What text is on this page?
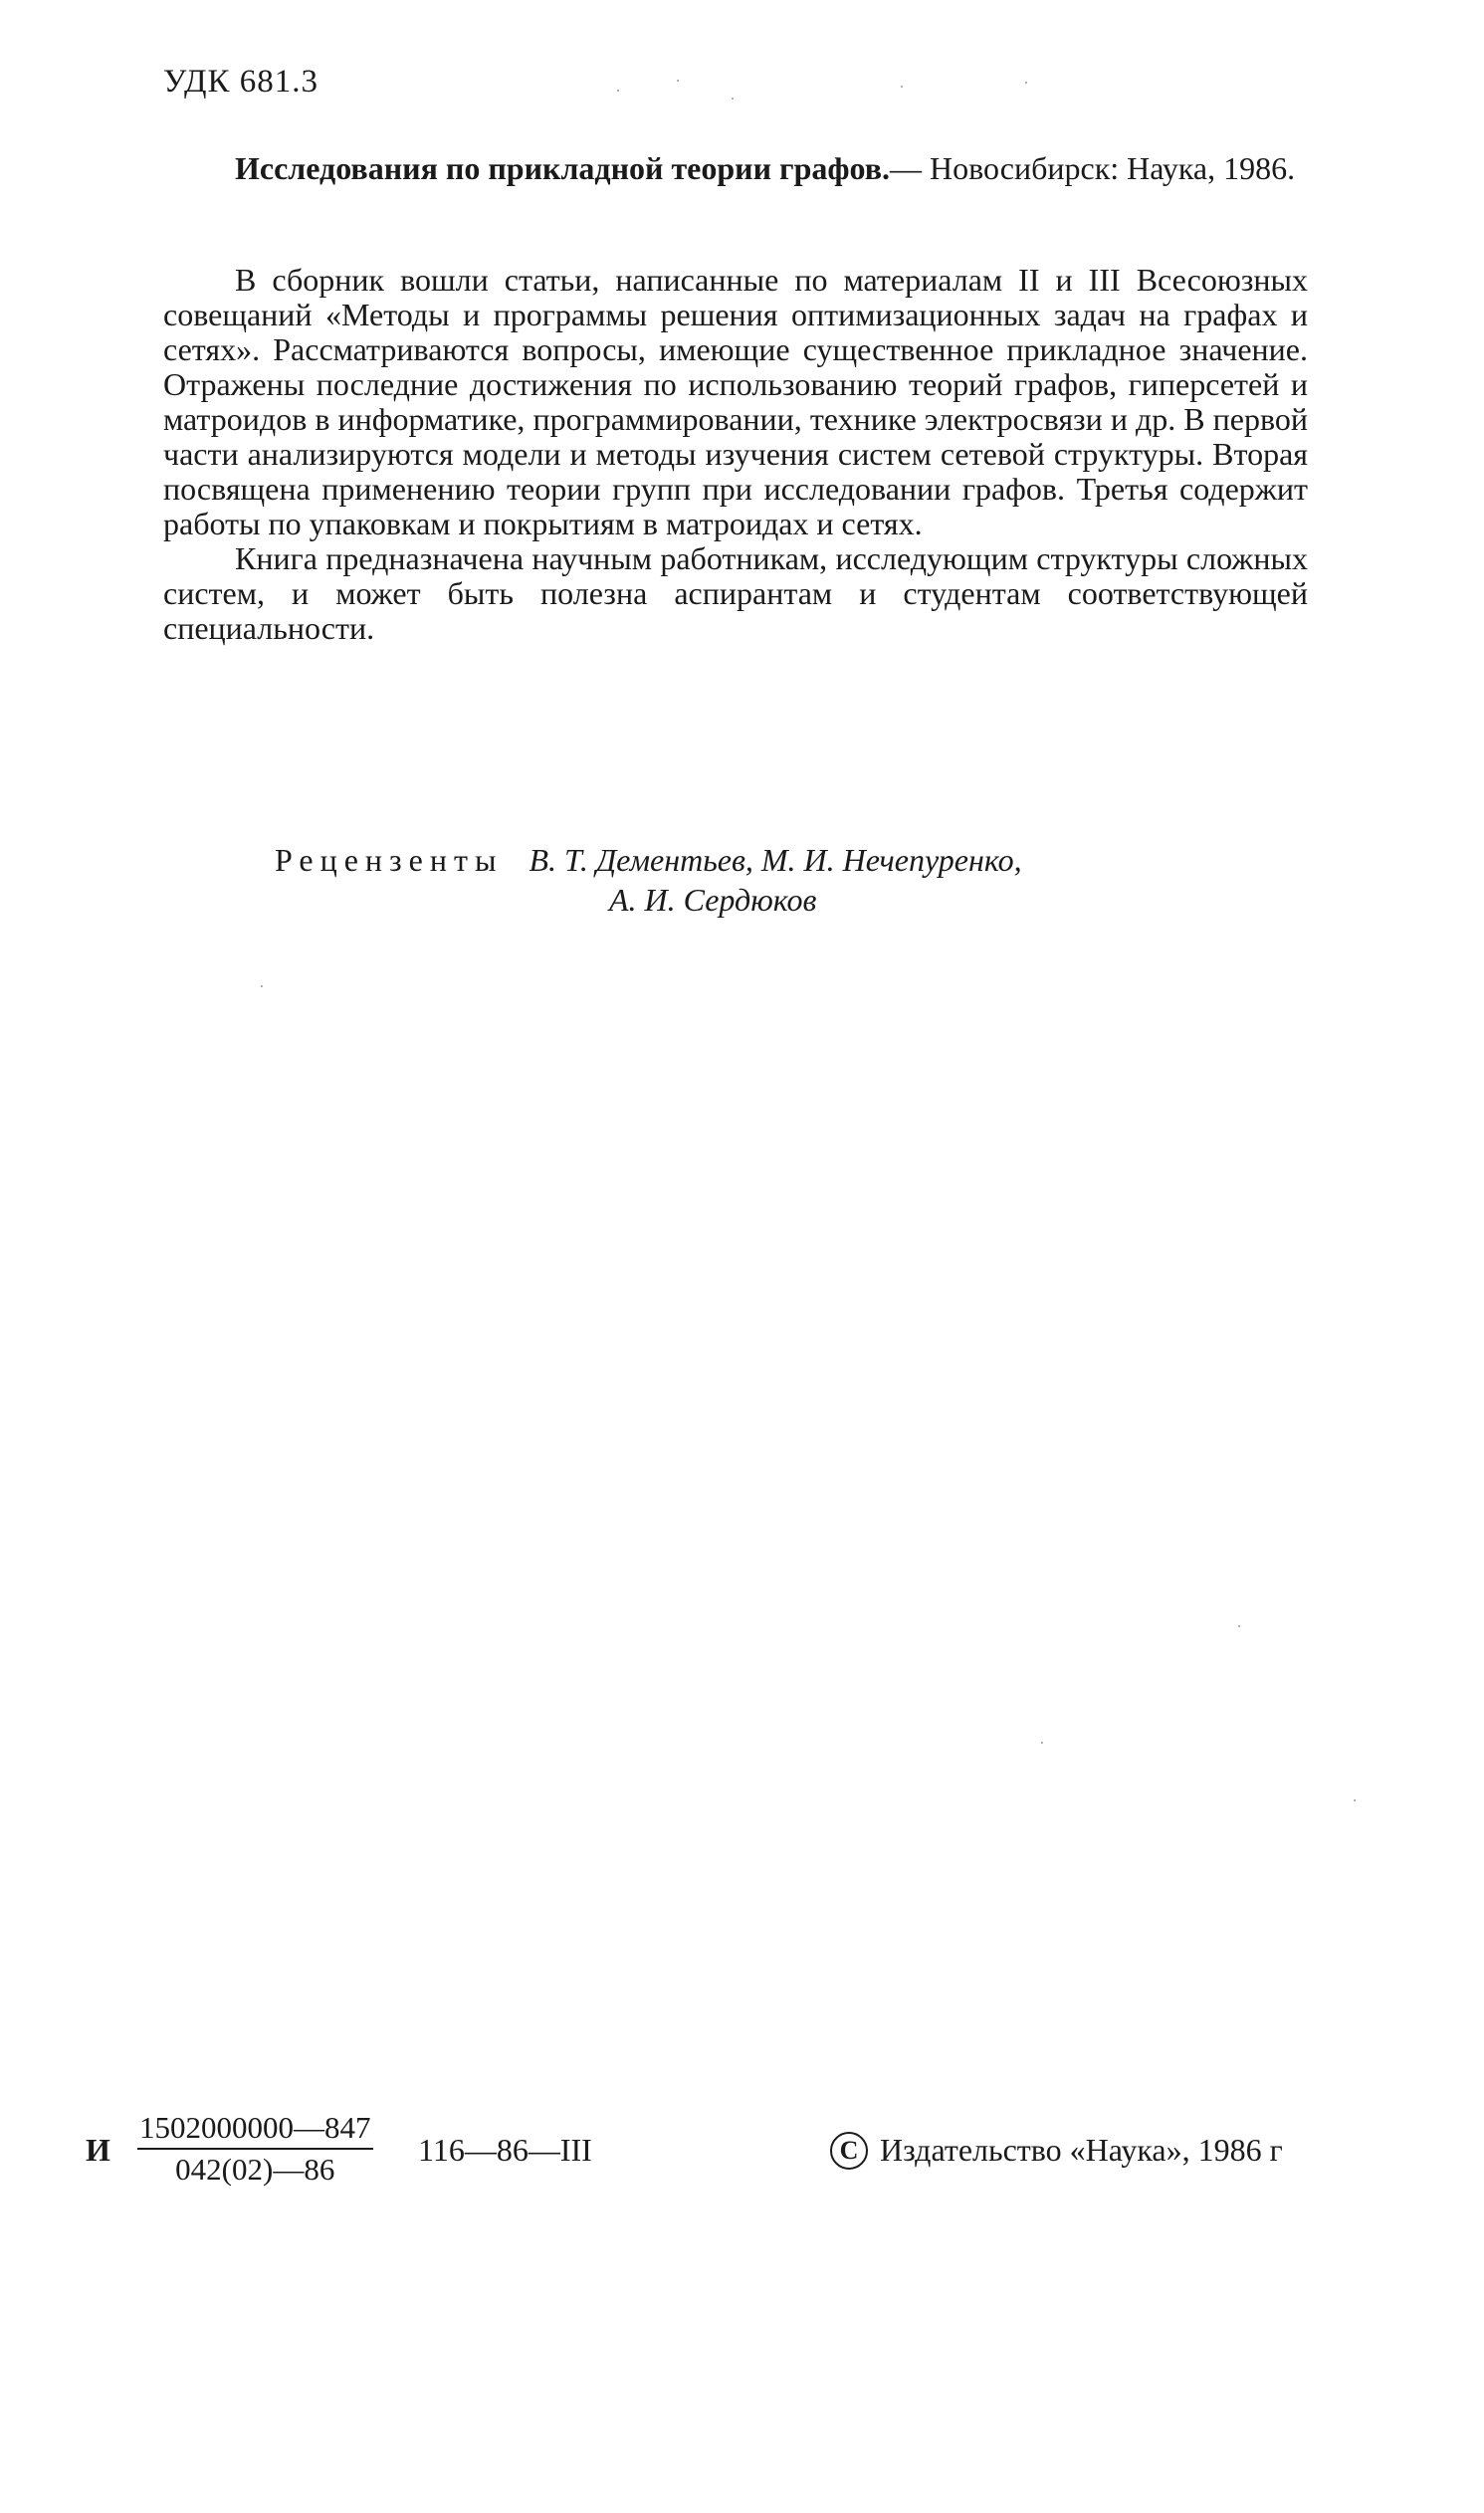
УДК 681.3

Исследования по прикладной теории графов.— Новосибирск: Наука, 1986.

В сборник вошли статьи, написанные по материалам II и III Всесоюзных совещаний «Методы и программы решения оптимизационных задач на графах и сетях». Рассматриваются вопросы, имеющие существенное прикладное значение. Отражены последние достижения по использованию теорий графов, гиперсетей и матроидов в информатике, программировании, технике электросвязи и др. В первой части анализируются модели и методы изучения систем сетевой структуры. Вторая посвящена применению теории групп при исследовании графов. Третья содержит работы по упаковкам и покрытиям в матроидах и сетях.

Книга предназначена научным работникам, исследующим структуры сложных систем, и может быть полезна аспирантам и студентам соответствующей специальности.

Рецензенты В. Т. Дементьев, М. И. Нечепуренко,
А. И. Сердюков
И $\frac{1502000000—847}{042(02)—86}$ 116—86—III	C Издательство «Наука», 1986 г
